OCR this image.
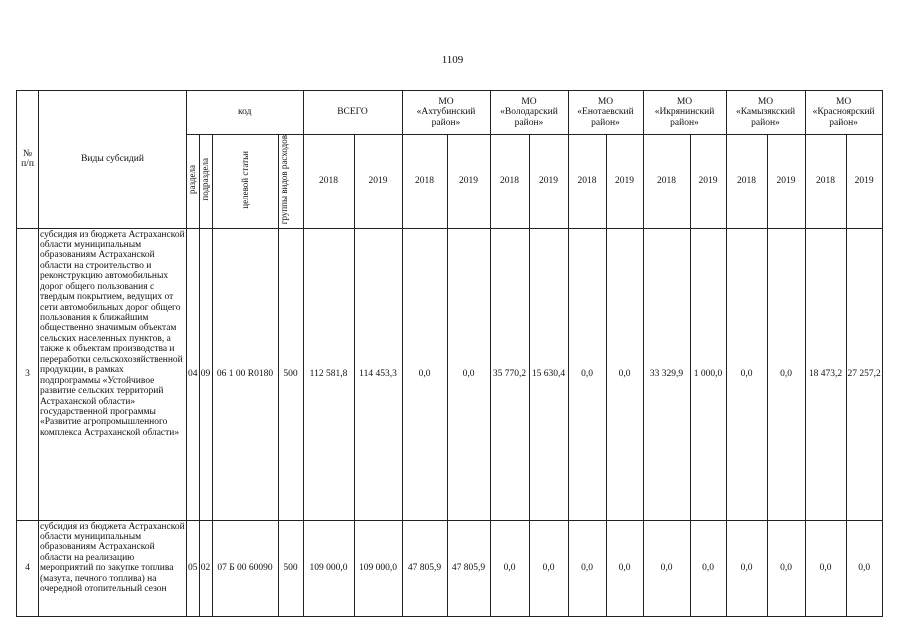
1109
№
п/п	Виды субсидий	код				ВСЕГО		МО
«Ахтубинский
район»		МО
«Володарский
район»		МО
«Енотаевский
район»		МО
«Икрянинский
район»		МО
«Камызякский
район»		МО
«Красноярский
район»	
		раздела	подраздела	целевой статьи	группы видов расходов	2018	2019	2018	2019	2018	2019	2018	2019	2018	2019	2018	2019	2018	2019
3	субсидия из бюджета Астраханской области муниципальным образованиям Астраханской области на строительство и реконструкцию автомобильных дорог общего пользования с твердым покрытием, ведущих от сети автомобильных дорог общего пользования к ближайшим общественно значимым объектам сельских населенных пунктов, а также к объектам производства и переработки сельскохозяйственной продукции, в рамках подпрограммы «Устойчивое развитие сельских территорий Астраханской области» государственной программы «Развитие агропромышленного комплекса Астраханской области»	04	09	06 1 00 R0180	500	112 581,8	114 453,3	0,0	0,0	35 770,2	15 630,4	0,0	0,0	33 329,9	1 000,0	0,0	0,0	18 473,2	27 257,2
4	субсидия из бюджета Астраханской области муниципальным образованиям Астраханской области на реализацию мероприятий по закупке топлива (мазута, печного топлива) на очередной отопительный сезон	05	02	07 Б 00 60090	500	109 000,0	109 000,0	47 805,9	47 805,9	0,0	0,0	0,0	0,0	0,0	0,0	0,0	0,0	0,0	0,0
